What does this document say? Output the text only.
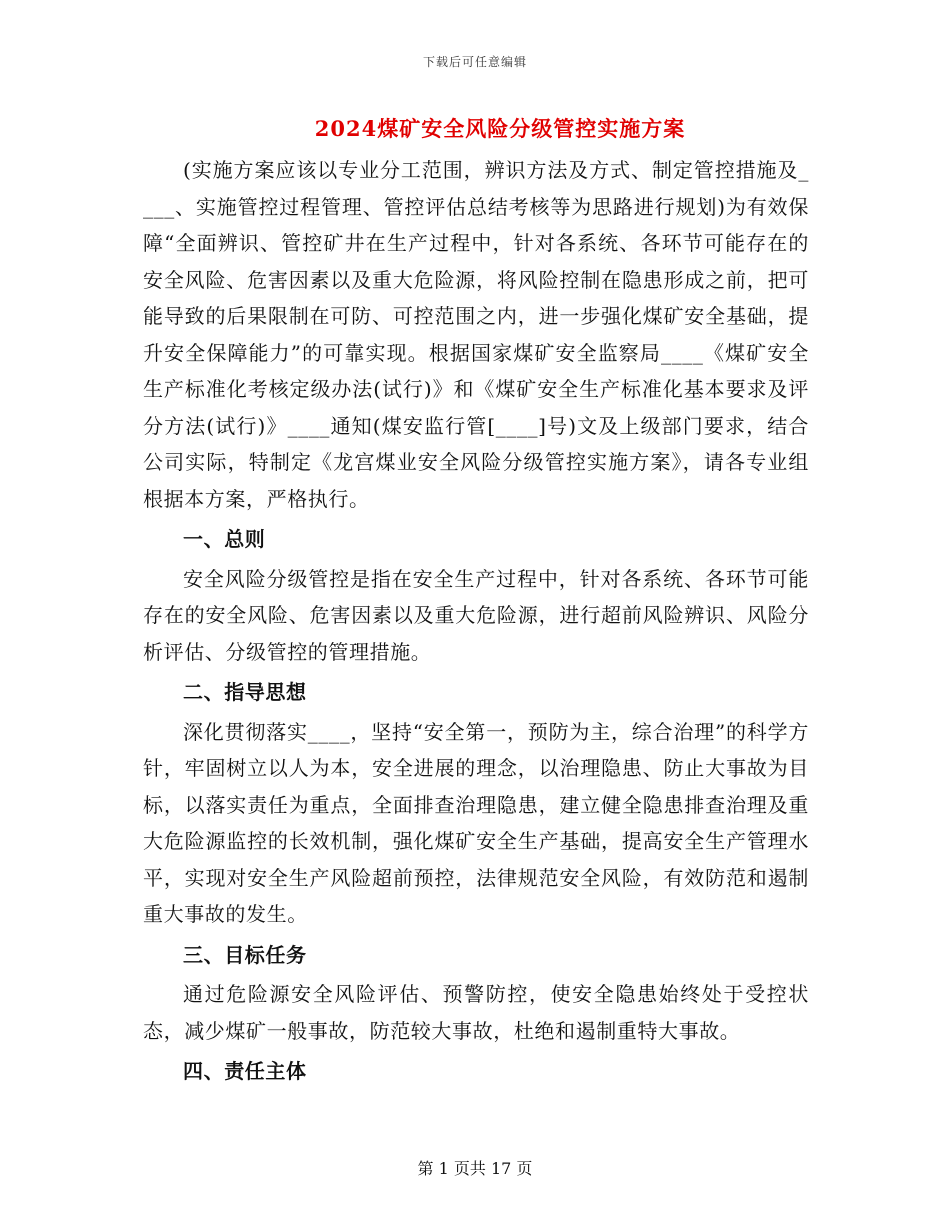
下载后可任意编辑
2024煤矿安全风险分级管控实施方案

(实施方案应该以专业分工范围，辨识方法及方式、制定管控措施及____、实施管控过程管理、管控评估总结考核等为思路进行规划)为有效保障“全面辨识、管控矿井在生产过程中，针对各系统、各环节可能存在的安全风险、危害因素以及重大危险源，将风险控制在隐患形成之前，把可能导致的后果限制在可防、可控范围之内，进一步强化煤矿安全基础，提升安全保障能力”的可靠实现。根据国家煤矿安全监察局____《煤矿安全生产标准化考核定级办法(试行)》和《煤矿安全生产标准化基本要求及评分方法(试行)》____通知(煤安监行管[____]号)文及上级部门要求，结合公司实际，特制定《龙宫煤业安全风险分级管控实施方案》，请各专业组根据本方案，严格执行。

一、总则

安全风险分级管控是指在安全生产过程中，针对各系统、各环节可能存在的安全风险、危害因素以及重大危险源，进行超前风险辨识、风险分析评估、分级管控的管理措施。

二、指导思想

深化贯彻落实____，坚持“安全第一，预防为主，综合治理”的科学方针，牢固树立以人为本，安全进展的理念，以治理隐患、防止大事故为目标，以落实责任为重点，全面排查治理隐患，建立健全隐患排查治理及重大危险源监控的长效机制，强化煤矿安全生产基础，提高安全生产管理水平，实现对安全生产风险超前预控，法律规范安全风险，有效防范和遏制重大事故的发生。

三、目标任务

通过危险源安全风险评估、预警防控，使安全隐患始终处于受控状态，减少煤矿一般事故，防范较大事故，杜绝和遏制重特大事故。

四、责任主体
第 1 页共 17 页
